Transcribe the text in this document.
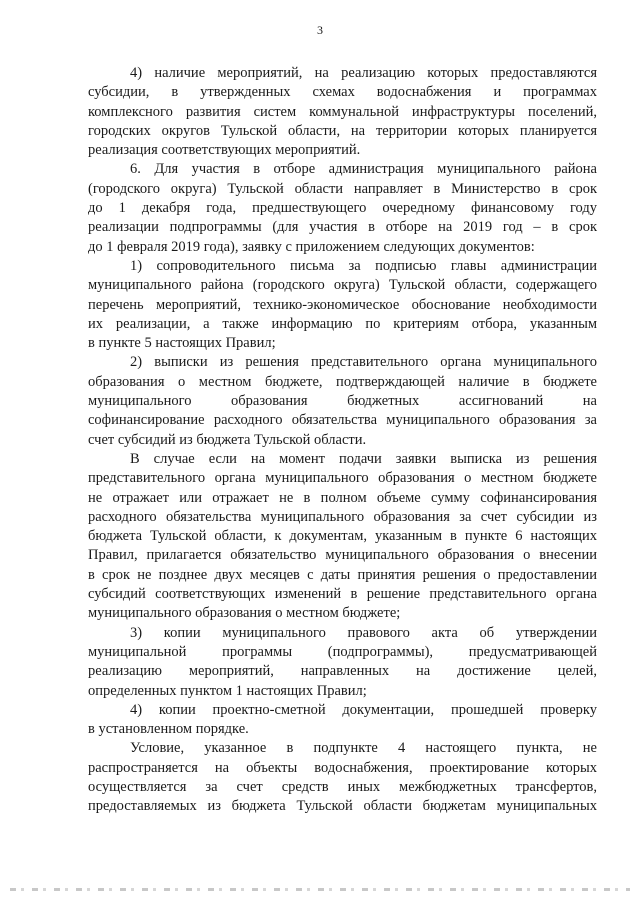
3
4) наличие мероприятий, на реализацию которых предоставляются
субсидии, в утвержденных схемах водоснабжения и программах
комплексного развития систем коммунальной инфраструктуры поселений,
городских округов Тульской области, на территории которых планируется
реализация соответствующих мероприятий.
6. Для участия в отборе администрация муниципального района
(городского округа) Тульской области направляет в Министерство в срок
до 1 декабря года, предшествующего очередному финансовому году
реализации подпрограммы (для участия в отборе на 2019 год – в срок
до 1 февраля 2019 года), заявку с приложением следующих документов:
1) сопроводительного письма за подписью главы администрации
муниципального района (городского округа) Тульской области, содержащего
перечень мероприятий, технико-экономическое обоснование необходимости
их реализации, а также информацию по критериям отбора, указанным
в пункте 5 настоящих Правил;
2) выписки из решения представительного органа муниципального
образования о местном бюджете, подтверждающей наличие в бюджете
муниципального образования бюджетных ассигнований на
софинансирование расходного обязательства муниципального образования за
счет субсидий из бюджета Тульской области.
В случае если на момент подачи заявки выписка из решения
представительного органа муниципального образования о местном бюджете
не отражает или отражает не в полном объеме сумму софинансирования
расходного обязательства муниципального образования за счет субсидии из
бюджета Тульской области, к документам, указанным в пункте 6 настоящих
Правил, прилагается обязательство муниципального образования о внесении
в срок не позднее двух месяцев с даты принятия решения о предоставлении
субсидий соответствующих изменений в решение представительного органа
муниципального образования о местном бюджете;
3) копии муниципального правового акта об утверждении
муниципальной программы (подпрограммы), предусматривающей
реализацию мероприятий, направленных на достижение целей,
определенных пунктом 1 настоящих Правил;
4) копии проектно-сметной документации, прошедшей проверку
в установленном порядке.
Условие, указанное в подпункте 4 настоящего пункта, не
распространяется на объекты водоснабжения, проектирование которых
осуществляется за счет средств иных межбюджетных трансфертов,
предоставляемых из бюджета Тульской области бюджетам муниципальных
